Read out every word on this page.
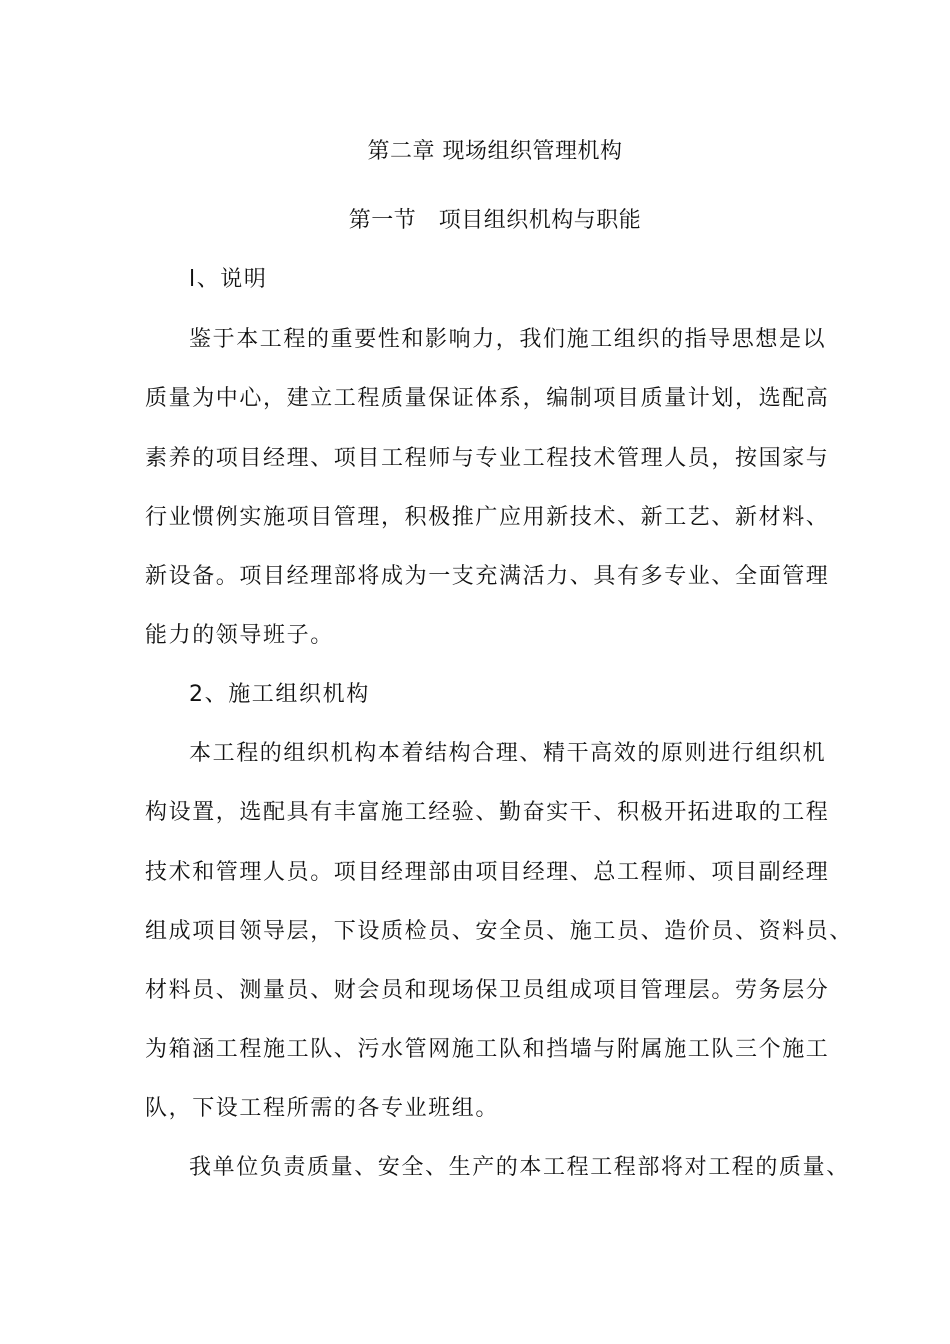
第二章 现场组织管理机构
第一节　项目组织机构与职能
l、说明
鉴于本工程的重要性和影响力，我们施工组织的指导思想是以
质量为中心，建立工程质量保证体系，编制项目质量计划，选配高
素养的项目经理、项目工程师与专业工程技术管理人员，按国家与
行业惯例实施项目管理，积极推广应用新技术、新工艺、新材料、
新设备。项目经理部将成为一支充满活力、具有多专业、全面管理
能力的领导班子。
2、施工组织机构
本工程的组织机构本着结构合理、精干高效的原则进行组织机
构设置，选配具有丰富施工经验、勤奋实干、积极开拓进取的工程
技术和管理人员。项目经理部由项目经理、总工程师、项目副经理
组成项目领导层，下设质检员、安全员、施工员、造价员、资料员、
材料员、测量员、财会员和现场保卫员组成项目管理层。劳务层分
为箱涵工程施工队、污水管网施工队和挡墙与附属施工队三个施工
队，下设工程所需的各专业班组。
我单位负责质量、安全、生产的本工程工程部将对工程的质量、
